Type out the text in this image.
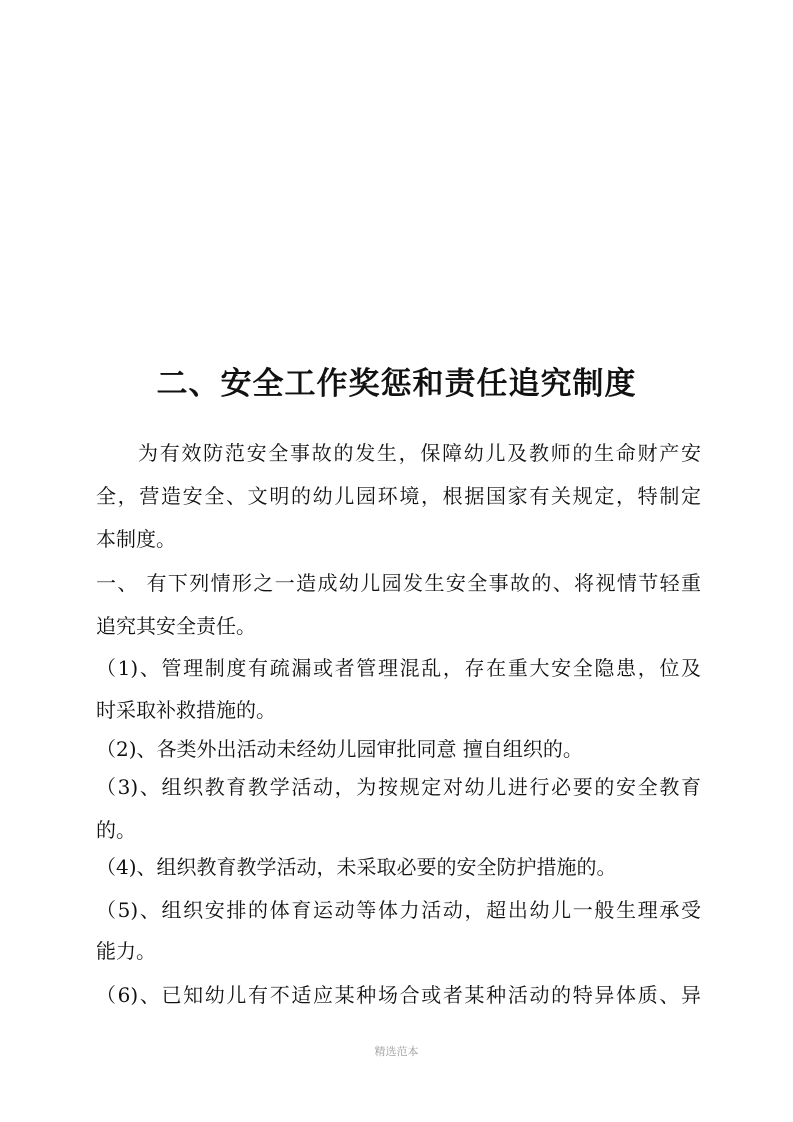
二、安全工作奖惩和责任追究制度
为有效防范安全事故的发生，保障幼儿及教师的生命财产安
全，营造安全、文明的幼儿园环境，根据国家有关规定，特制定
本制度。
一、 有下列情形之一造成幼儿园发生安全事故的、将视情节轻重
追究其安全责任。
（1)、管理制度有疏漏或者管理混乱，存在重大安全隐患，位及
时采取补救措施的。
（2)、各类外出活动未经幼儿园审批同意 擅自组织的。
（3)、组织教育教学活动，为按规定对幼儿进行必要的安全教育
的。
（4)、组织教育教学活动，未采取必要的安全防护措施的。
（5)、组织安排的体育运动等体力活动，超出幼儿一般生理承受
能力。
（6)、已知幼儿有不适应某种场合或者某种活动的特异体质、异
精选范本
